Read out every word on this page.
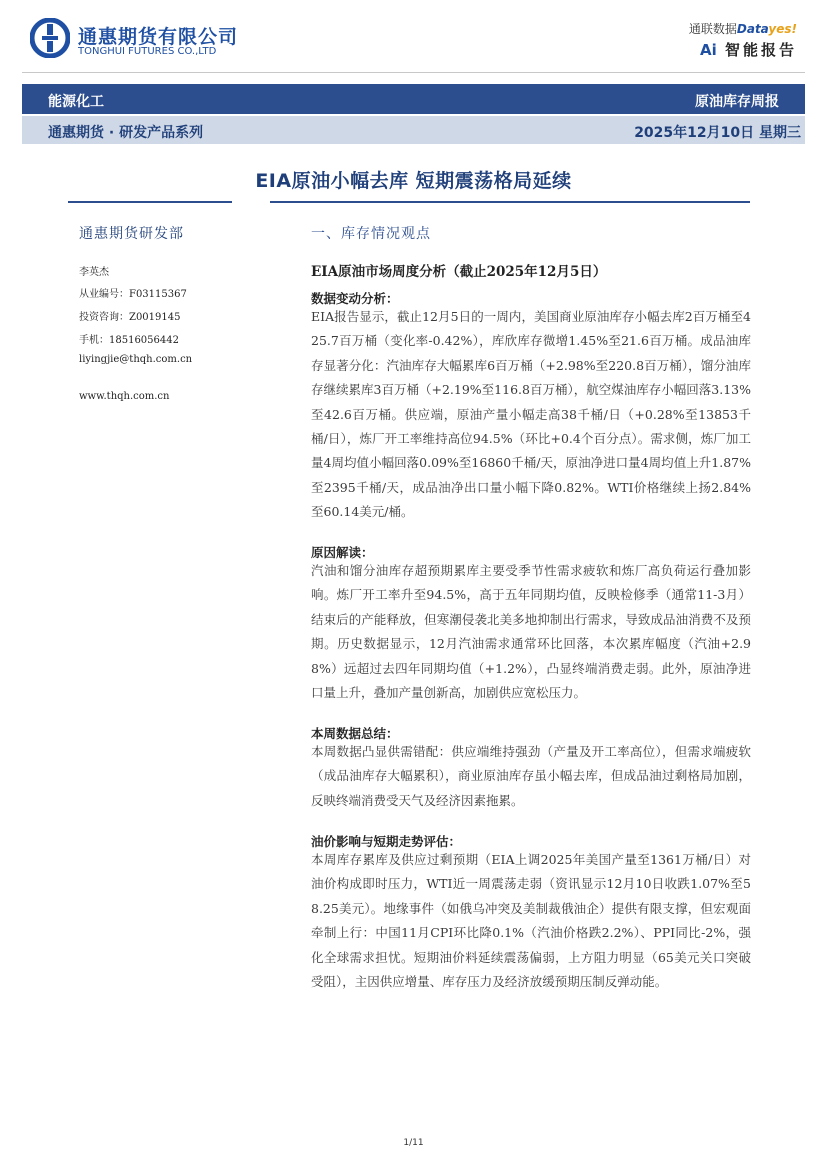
通惠期货有限公司
TONGHUI FUTURES CO.,LTD
通联数据Datayes!
Ai 智能报告
能源化工	原油库存周报
通惠期货 · 研发产品系列	2025年12月10日 星期三
EIA原油小幅去库 短期震荡格局延续
通惠期货研发部
李英杰
从业编号：F03115367
投资咨询：Z0019145
手机：18516056442
liyingjie@thqh.com.cn
www.thqh.com.cn
一、库存情况观点
EIA原油市场周度分析（截止2025年12月5日）
数据变动分析：
EIA报告显示，截止12月5日的一周内，美国商业原油库存小幅去库2百万桶至425.7百万桶（变化率-0.42%），库欣库存微增1.45%至21.6百万桶。成品油库存显著分化：汽油库存大幅累库6百万桶（+2.98%至220.8百万桶），馏分油库存继续累库3百万桶（+2.19%至116.8百万桶），航空煤油库存小幅回落3.13%至42.6百万桶。供应端，原油产量小幅走高38千桶/日（+0.28%至13853千桶/日），炼厂开工率维持高位94.5%（环比+0.4个百分点）。需求侧，炼厂加工量4周均值小幅回落0.09%至16860千桶/天，原油净进口量4周均值上升1.87%至2395千桶/天，成品油净出口量小幅下降0.82%。WTI价格继续上扬2.84%至60.14美元/桶。
原因解读：
汽油和馏分油库存超预期累库主要受季节性需求疲软和炼厂高负荷运行叠加影响。炼厂开工率升至94.5%，高于五年同期均值，反映检修季（通常11-3月）结束后的产能释放，但寒潮侵袭北美多地抑制出行需求，导致成品油消费不及预期。历史数据显示，12月汽油需求通常环比回落，本次累库幅度（汽油+2.98%）远超过去四年同期均值（+1.2%），凸显终端消费走弱。此外，原油净进口量上升，叠加产量创新高，加剧供应宽松压力。
本周数据总结：
本周数据凸显供需错配：供应端维持强劲（产量及开工率高位），但需求端疲软（成品油库存大幅累积），商业原油库存虽小幅去库，但成品油过剩格局加剧，反映终端消费受天气及经济因素拖累。
油价影响与短期走势评估：
本周库存累库及供应过剩预期（EIA上调2025年美国产量至1361万桶/日）对油价构成即时压力，WTI近一周震荡走弱（资讯显示12月10日收跌1.07%至58.25美元）。地缘事件（如俄乌冲突及美制裁俄油企）提供有限支撑，但宏观面牵制上行：中国11月CPI环比降0.1%（汽油价格跌2.2%）、PPI同比-2%，强化全球需求担忧。短期油价料延续震荡偏弱，上方阻力明显（65美元关口突破受阻），主因供应增量、库存压力及经济放缓预期压制反弹动能。
1/11
